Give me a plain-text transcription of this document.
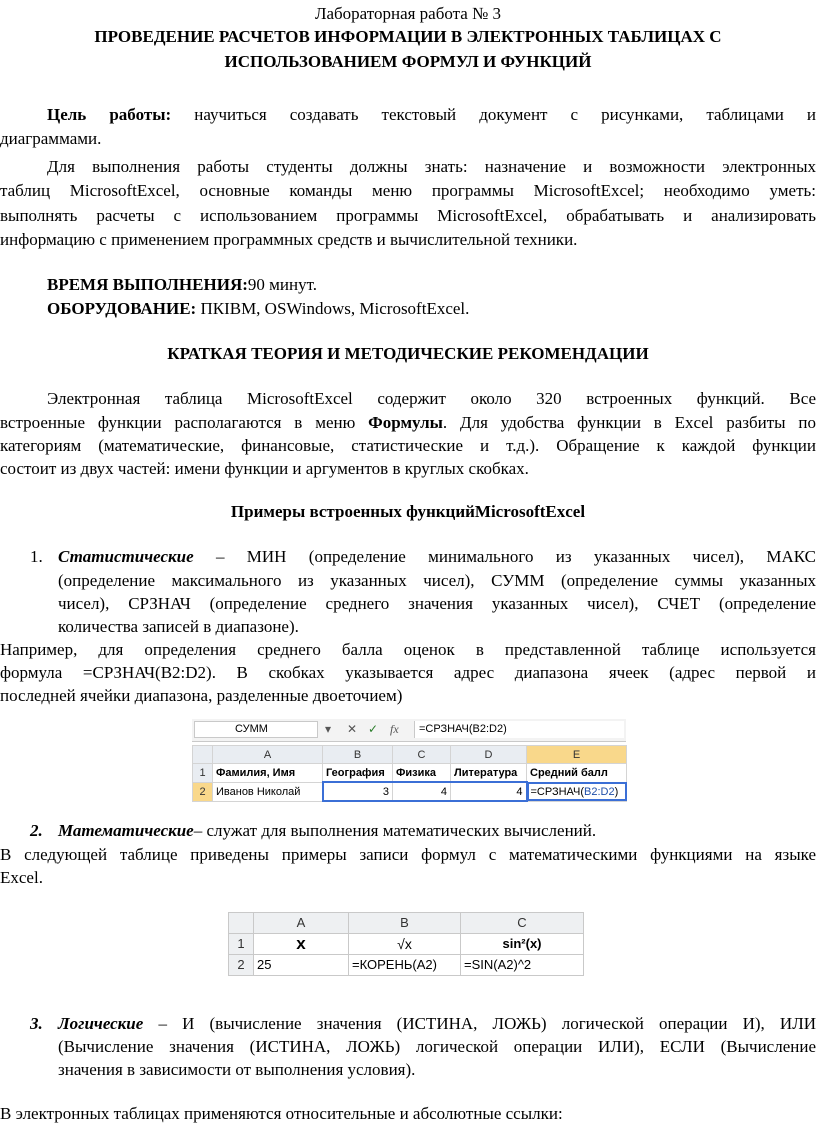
Лабораторная работа № 3
ПРОВЕДЕНИЕ РАСЧЕТОВ ИНФОРМАЦИИ В ЭЛЕКТРОННЫХ ТАБЛИЦАХ С
ИСПОЛЬЗОВАНИЕМ ФОРМУЛ И ФУНКЦИЙ
Цель работы: научиться создавать текстовый документ с рисунками, таблицами и
диаграммами.
Для выполнения работы студенты должны знать: назначение и возможности электронных
таблиц MicrosoftExcel, основные команды меню программы MicrosoftExcel; необходимо уметь:
выполнять расчеты с использованием программы MicrosoftExcel, обрабатывать и анализировать
информацию с применением программных средств и вычислительной техники.
ВРЕМЯ ВЫПОЛНЕНИЯ:90 минут.
ОБОРУДОВАНИЕ: ПКIBM, OSWindows, MicrosoftExcel.
КРАТКАЯ ТЕОРИЯ И МЕТОДИЧЕСКИЕ РЕКОМЕНДАЦИИ
Электронная таблица MicrosoftExcel содержит около 320 встроенных функций. Все
встроенные функции располагаются в меню Формулы. Для удобства функции в Excel разбиты по
категориям (математические, финансовые, статистические и т.д.). Обращение к каждой функции
состоит из двух частей: имени функции и аргументов в круглых скобках.
Примеры встроенных функцийMicrosoftExcel
1. Статистические – МИН (определение минимального из указанных чисел), МАКС
(определение максимального из указанных чисел), СУММ (определение суммы указанных
чисел), СРЗНАЧ (определение среднего значения указанных чисел), СЧЕТ (определение
количества записей в диапазоне).
Например, для определения среднего балла оценок в представленной таблице используется
формула =СРЗНАЧ(B2:D2). В скобках указывается адрес диапазона ячеек (адрес первой и
последней ячейки диапазона, разделенные двоеточием)
СУММ	▾ ✕ ✓ fx	=СРЗНАЧ(B2:D2)
	A	B	C	D	E
1	Фамилия, Имя	География	Физика	Литература	Средний балл
2	Иванов Николай	3	4	4	=СРЗНАЧ(B2:D2)
2. Математические– служат для выполнения математических вычислений.
В следующей таблице приведены примеры записи формул с математическими функциями на языке
Excel.
	A	B	C
1	x	√x	sin²(x)
2	25	=КОРЕНЬ(A2)	=SIN(A2)^2
3. Логические – И (вычисление значения (ИСТИНА, ЛОЖЬ) логической операции И), ИЛИ
(Вычисление значения (ИСТИНА, ЛОЖЬ) логической операции ИЛИ), ЕСЛИ (Вычисление
значения в зависимости от выполнения условия).
В электронных таблицах применяются относительные и абсолютные ссылки:
